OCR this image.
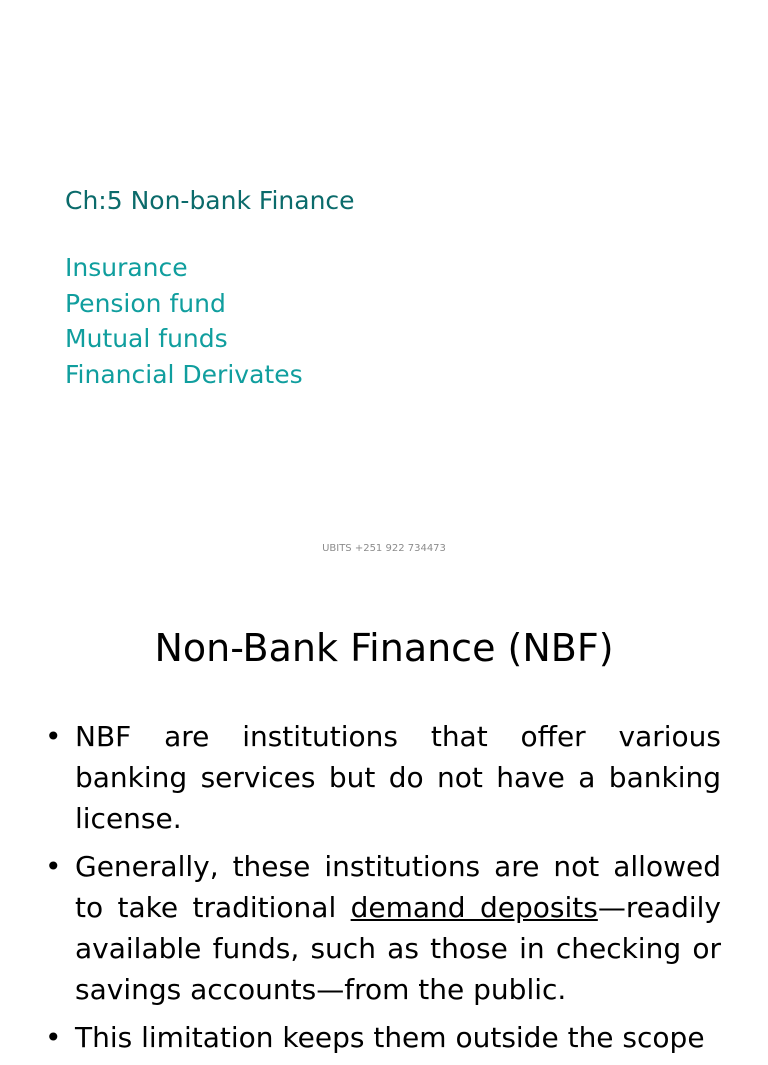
Ch:5 Non-bank Finance
Insurance
Pension fund
Mutual funds
Financial Derivates
UBITS +251 922 734473
Non-Bank Finance (NBF)
• NBF are institutions that offer various banking services but do not have a banking license.
• Generally, these institutions are not allowed to take traditional demand deposits—readily available funds, such as those in checking or savings accounts—from the public.
• This limitation keeps them outside the scope
